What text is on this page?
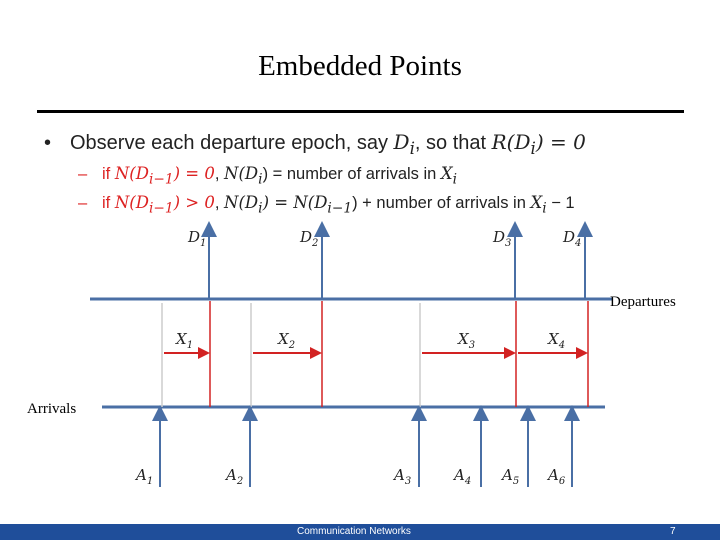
Embedded Points
• Observe each departure epoch, say $D_i$, so that $R(D_i) = 0$
– if $N(D_{i-1}) = 0$, $N(D_i)$ = number of arrivals in $X_i$
– if $N(D_{i-1}) > 0$, $N(D_i) = N(D_{i-1})$ + number of arrivals in $X_i - 1$
Departures
Arrivals
$D_1$	$D_2$	$D_3$	$D_4$
$X_1$	$X_2$	$X_3$	$X_4$
$A_1$	$A_2$	$A_3$	$A_4$ $A_5$ $A_6$
Communication Networks	7
